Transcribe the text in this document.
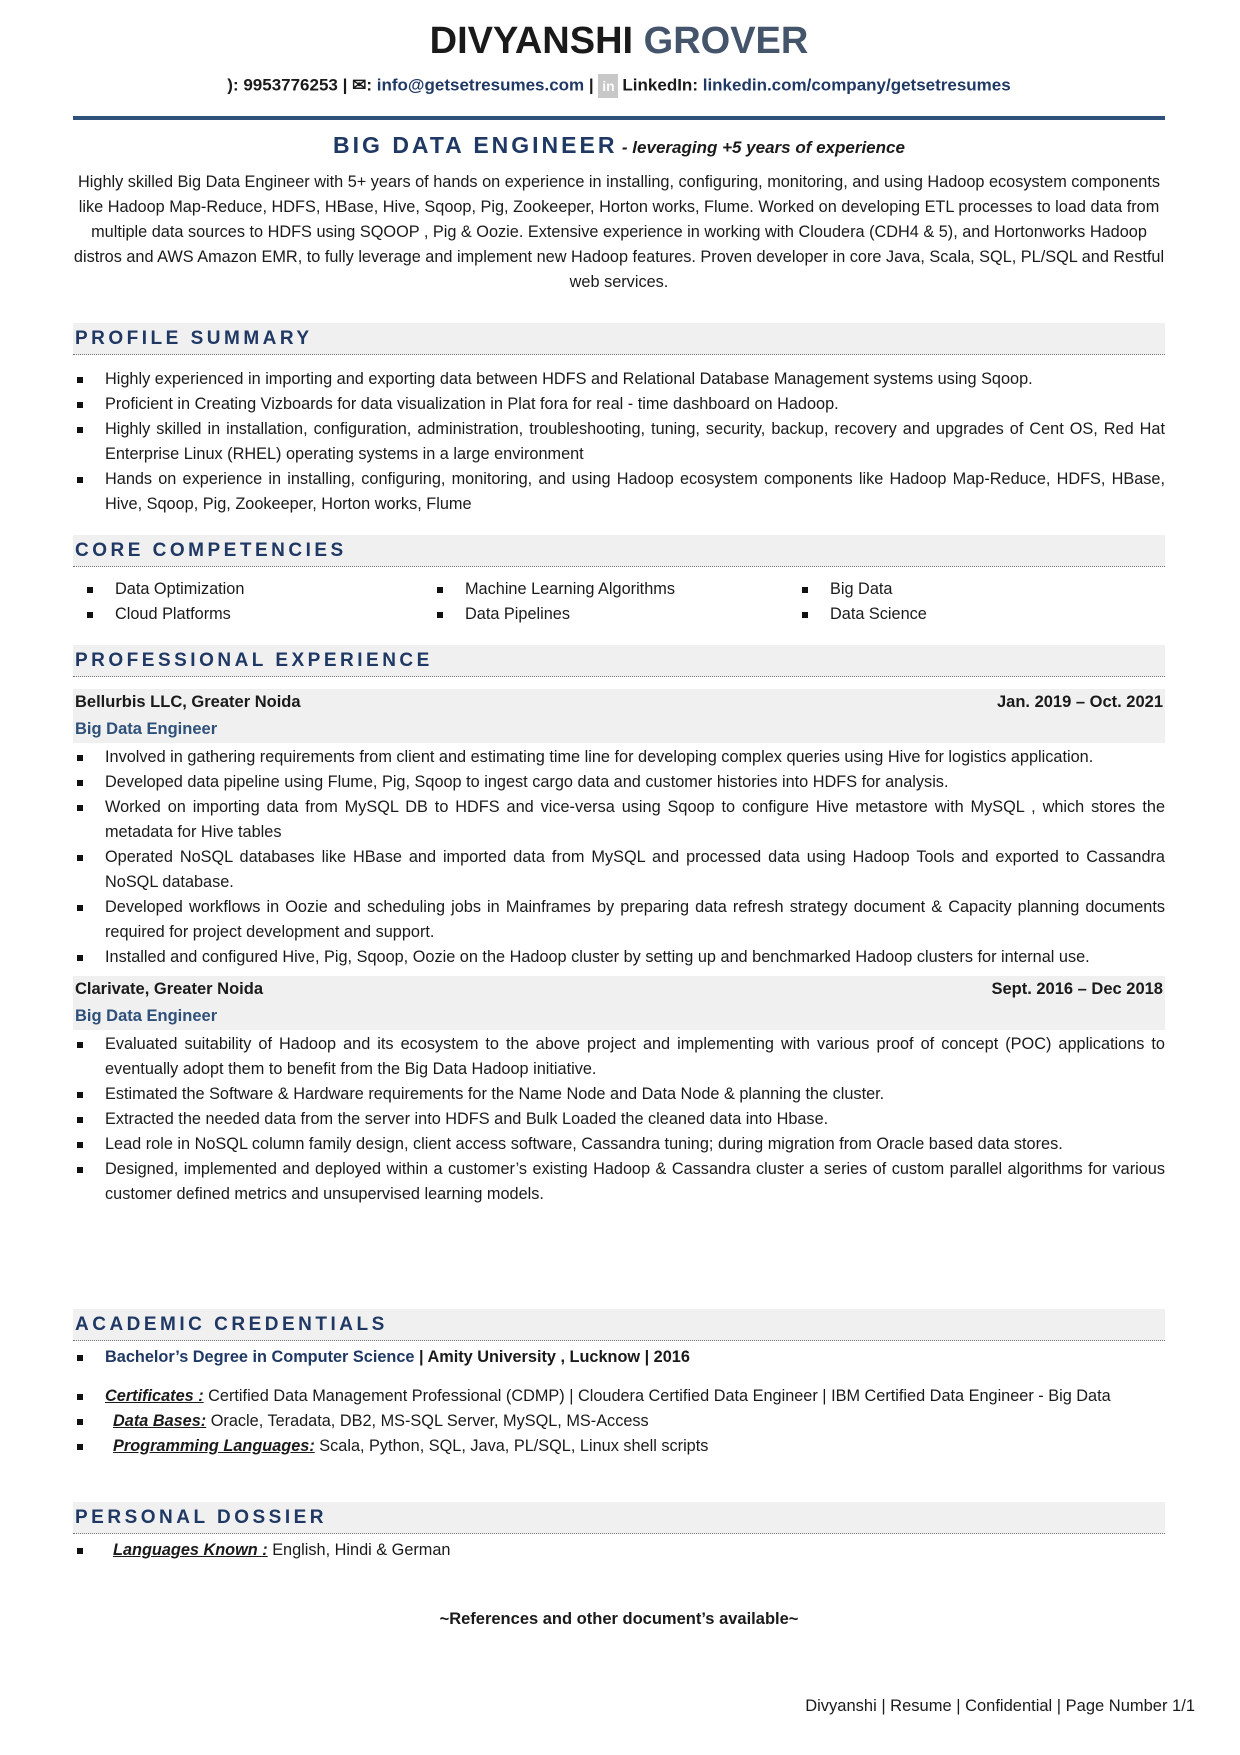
DIVYANSHI GROVER
): 9953776253 | ✉: info@getsetresumes.com | in LinkedIn: linkedin.com/company/getsetresumes
BIG DATA ENGINEER - leveraging +5 years of experience
Highly skilled Big Data Engineer with 5+ years of hands on experience in installing, configuring, monitoring, and using Hadoop ecosystem components like Hadoop Map-Reduce, HDFS, HBase, Hive, Sqoop, Pig, Zookeeper, Horton works, Flume. Worked on developing ETL processes to load data from multiple data sources to HDFS using SQOOP , Pig & Oozie. Extensive experience in working with Cloudera (CDH4 & 5), and Hortonworks Hadoop distros and AWS Amazon EMR, to fully leverage and implement new Hadoop features. Proven developer in core Java, Scala, SQL, PL/SQL and Restful web services.
PROFILE SUMMARY
Highly experienced in importing and exporting data between HDFS and Relational Database Management systems using Sqoop.
Proficient in Creating Vizboards for data visualization in Plat fora for real - time dashboard on Hadoop.
Highly skilled in installation, configuration, administration, troubleshooting, tuning, security, backup, recovery and upgrades of Cent OS, Red Hat Enterprise Linux (RHEL) operating systems in a large environment
Hands on experience in installing, configuring, monitoring, and using Hadoop ecosystem components like Hadoop Map-Reduce, HDFS, HBase, Hive, Sqoop, Pig, Zookeeper, Horton works, Flume
CORE COMPETENCIES
Data Optimization
Cloud Platforms
Machine Learning Algorithms
Data Pipelines
Big Data
Data Science
PROFESSIONAL EXPERIENCE
Bellurbis LLC, Greater Noida	Jan. 2019 – Oct. 2021
Big Data Engineer
Involved in gathering requirements from client and estimating time line for developing complex queries using Hive for logistics application.
Developed data pipeline using Flume, Pig, Sqoop to ingest cargo data and customer histories into HDFS for analysis.
Worked on importing data from MySQL DB to HDFS and vice-versa using Sqoop to configure Hive metastore with MySQL , which stores the metadata for Hive tables
Operated NoSQL databases like HBase and imported data from MySQL and processed data using Hadoop Tools and exported to Cassandra NoSQL database.
Developed workflows in Oozie and scheduling jobs in Mainframes by preparing data refresh strategy document & Capacity planning documents required for project development and support.
Installed and configured Hive, Pig, Sqoop, Oozie on the Hadoop cluster by setting up and benchmarked Hadoop clusters for internal use.
Clarivate, Greater Noida	Sept. 2016 – Dec 2018
Big Data Engineer
Evaluated suitability of Hadoop and its ecosystem to the above project and implementing with various proof of concept (POC) applications to eventually adopt them to benefit from the Big Data Hadoop initiative.
Estimated the Software & Hardware requirements for the Name Node and Data Node & planning the cluster.
Extracted the needed data from the server into HDFS and Bulk Loaded the cleaned data into Hbase.
Lead role in NoSQL column family design, client access software, Cassandra tuning; during migration from Oracle based data stores.
Designed, implemented and deployed within a customer’s existing Hadoop & Cassandra cluster a series of custom parallel algorithms for various customer defined metrics and unsupervised learning models.
ACADEMIC CREDENTIALS
Bachelor’s Degree in Computer Science | Amity University , Lucknow | 2016
Certificates : Certified Data Management Professional (CDMP) | Cloudera Certified Data Engineer | IBM Certified Data Engineer - Big Data
Data Bases: Oracle, Teradata, DB2, MS-SQL Server, MySQL, MS-Access
Programming Languages: Scala, Python, SQL, Java, PL/SQL, Linux shell scripts
PERSONAL DOSSIER
Languages Known : English, Hindi & German
~References and other document’s available~
Divyanshi | Resume | Confidential | Page Number 1/1
